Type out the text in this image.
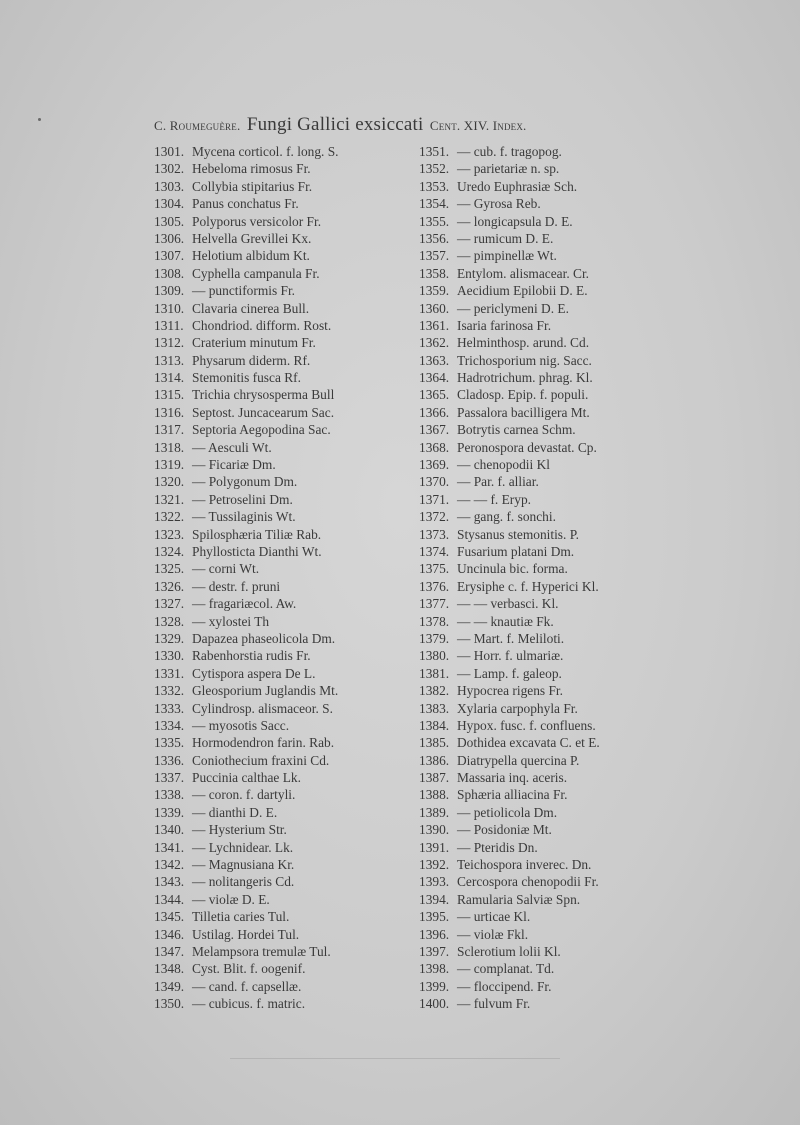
C. Roumeguère. Fungi Gallici exsiccati Cent. XIV. Index.
1301. Mycena corticol. f. long. S.
1302. Hebeloma rimosus Fr.
1303. Collybia stipitarius Fr.
1304. Panus conchatus Fr.
1305. Polyporus versicolor Fr.
1306. Helvella Grevillei Kx.
1307. Helotium albidum Kt.
1308. Cyphella campanula Fr.
1309. — punctiformis Fr.
1310. Clavaria cinerea Bull.
1311. Chondriod. difform. Rost.
1312. Craterium minutum Fr.
1313. Physarum diderm. Rf.
1314. Stemonitis fusca Rf.
1315. Trichia chrysosperma Bull
1316. Septost. Juncacearum Sac.
1317. Septoria Aegopodina Sac.
1318. — Aesculi Wt.
1319. — Ficariæ Dm.
1320. — Polygonum Dm.
1321. — Petroselini Dm.
1322. — Tussilaginis Wt.
1323. Spilosphæria Tiliæ Rab.
1324. Phyllosticta Dianthi Wt.
1325. — corni Wt.
1326. — destr. f. pruni
1327. — fragariæcol. Aw.
1328. — xylostei Th
1329. Dapazea phaseolicola Dm.
1330. Rabenhorstia rudis Fr.
1331. Cytispora aspera De L.
1332. Gleosporium Juglandis Mt.
1333. Cylindrosp. alismaceor. S.
1334. — myosotis Sacc.
1335. Hormodendron farin. Rab.
1336. Coniothecium fraxini Cd.
1337. Puccinia calthae Lk.
1338. — coron. f. dartyli.
1339. — dianthi D. E.
1340. — Hysterium Str.
1341. — Lychnidear. Lk.
1342. — Magnusiana Kr.
1343. — nolitangeris Cd.
1344. — violæ D. E.
1345. Tilletia caries Tul.
1346. Ustilag. Hordei Tul.
1347. Melampsora tremulæ Tul.
1348. Cyst. Blit. f. oogenif.
1349. — cand. f. capsellæ.
1350. — cubicus. f. matric.
1351. — cub. f. tragopog.
1352. — parietariæ n. sp.
1353. Uredo Euphrasiæ Sch.
1354. — Gyrosa Reb.
1355. — longicapsula D. E.
1356. — rumicum D. E.
1357. — pimpinellæ Wt.
1358. Entylom. alismacear. Cr.
1359. Aecidium Epilobii D. E.
1360. — periclymeni D. E.
1361. Isaria farinosa Fr.
1362. Helminthosp. arund. Cd.
1363. Trichosporium nig. Sacc.
1364. Hadrotrichum. phrag. Kl.
1365. Cladosp. Epip. f. populi.
1366. Passalora bacilligera Mt.
1367. Botrytis carnea Schm.
1368. Peronospora devastat. Cp.
1369. — chenopodii Kl
1370. — Par. f. alliar.
1371. — — f. Eryp.
1372. — gang. f. sonchi.
1373. Stysanus stemonitis. P.
1374. Fusarium platani Dm.
1375. Uncinula bic. forma.
1376. Erysiphe c. f. Hyperici Kl.
1377. — — verbasci. Kl.
1378. — — knautiæ Fk.
1379. — Mart. f. Meliloti.
1380. — Horr. f. ulmariæ.
1381. — Lamp. f. galeop.
1382. Hypocrea rigens Fr.
1383. Xylaria carpophyla Fr.
1384. Hypox. fusc. f. confluens.
1385. Dothidea excavata C. et E.
1386. Diatrypella quercina P.
1387. Massaria inq. aceris.
1388. Sphæria alliacina Fr.
1389. — petiolicola Dm.
1390. — Posidoniæ Mt.
1391. — Pteridis Dn.
1392. Teichospora inverec. Dn.
1393. Cercospora chenopodii Fr.
1394. Ramularia Salviæ Spn.
1395. — urticae Kl.
1396. — violæ Fkl.
1397. Sclerotium lolii Kl.
1398. — complanat. Td.
1399. — floccipend. Fr.
1400. — fulvum Fr.
